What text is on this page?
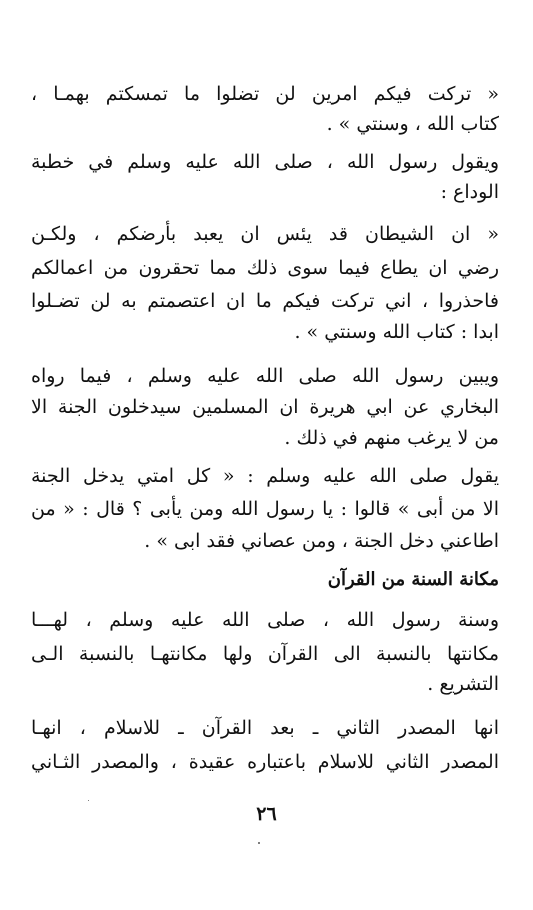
« تركت فيكم امرين لن تضلوا ما تمسكتم بهمـا ،
كتاب الله ، وسنتي » .
ويقول رسول الله ، صلى الله عليه وسلم في خطبة
الوداع :
« ان الشيطان قد يئس ان يعبد بأرضكم ، ولكـن
رضي ان يطاع فيما سوى ذلك مما تحقرون من اعمالكم
فاحذروا ، اني تركت فيكم ما ان اعتصمتم به لن تضـلوا
ابدا : كتاب الله وسنتي » .
ويبين رسول الله صلى الله عليه وسلم ، فيما رواه
البخاري عن ابي هريرة ان المسلمين سيدخلون الجنة الا
من لا يرغب منهم في ذلك .
يقول صلى الله عليه وسلم : « كل امتي يدخل الجنة
الا من أبى » قالوا : يا رسول الله ومن يأبى ؟ قال : « من
اطاعني دخل الجنة ، ومن عصاني فقد ابى » .
مكانة السنة من القرآن
وسنة رسول الله ، صلى الله عليه وسلم ، لهـــا
مكانتها بالنسبة الى القرآن ولها مكانتهـا بالنسبة الـى
التشريع .
انها المصدر الثاني ـ بعد القرآن ـ للاسلام ، انهـا
المصدر الثاني للاسلام باعتباره عقيدة ، والمصدر الثـاني
٢٦
